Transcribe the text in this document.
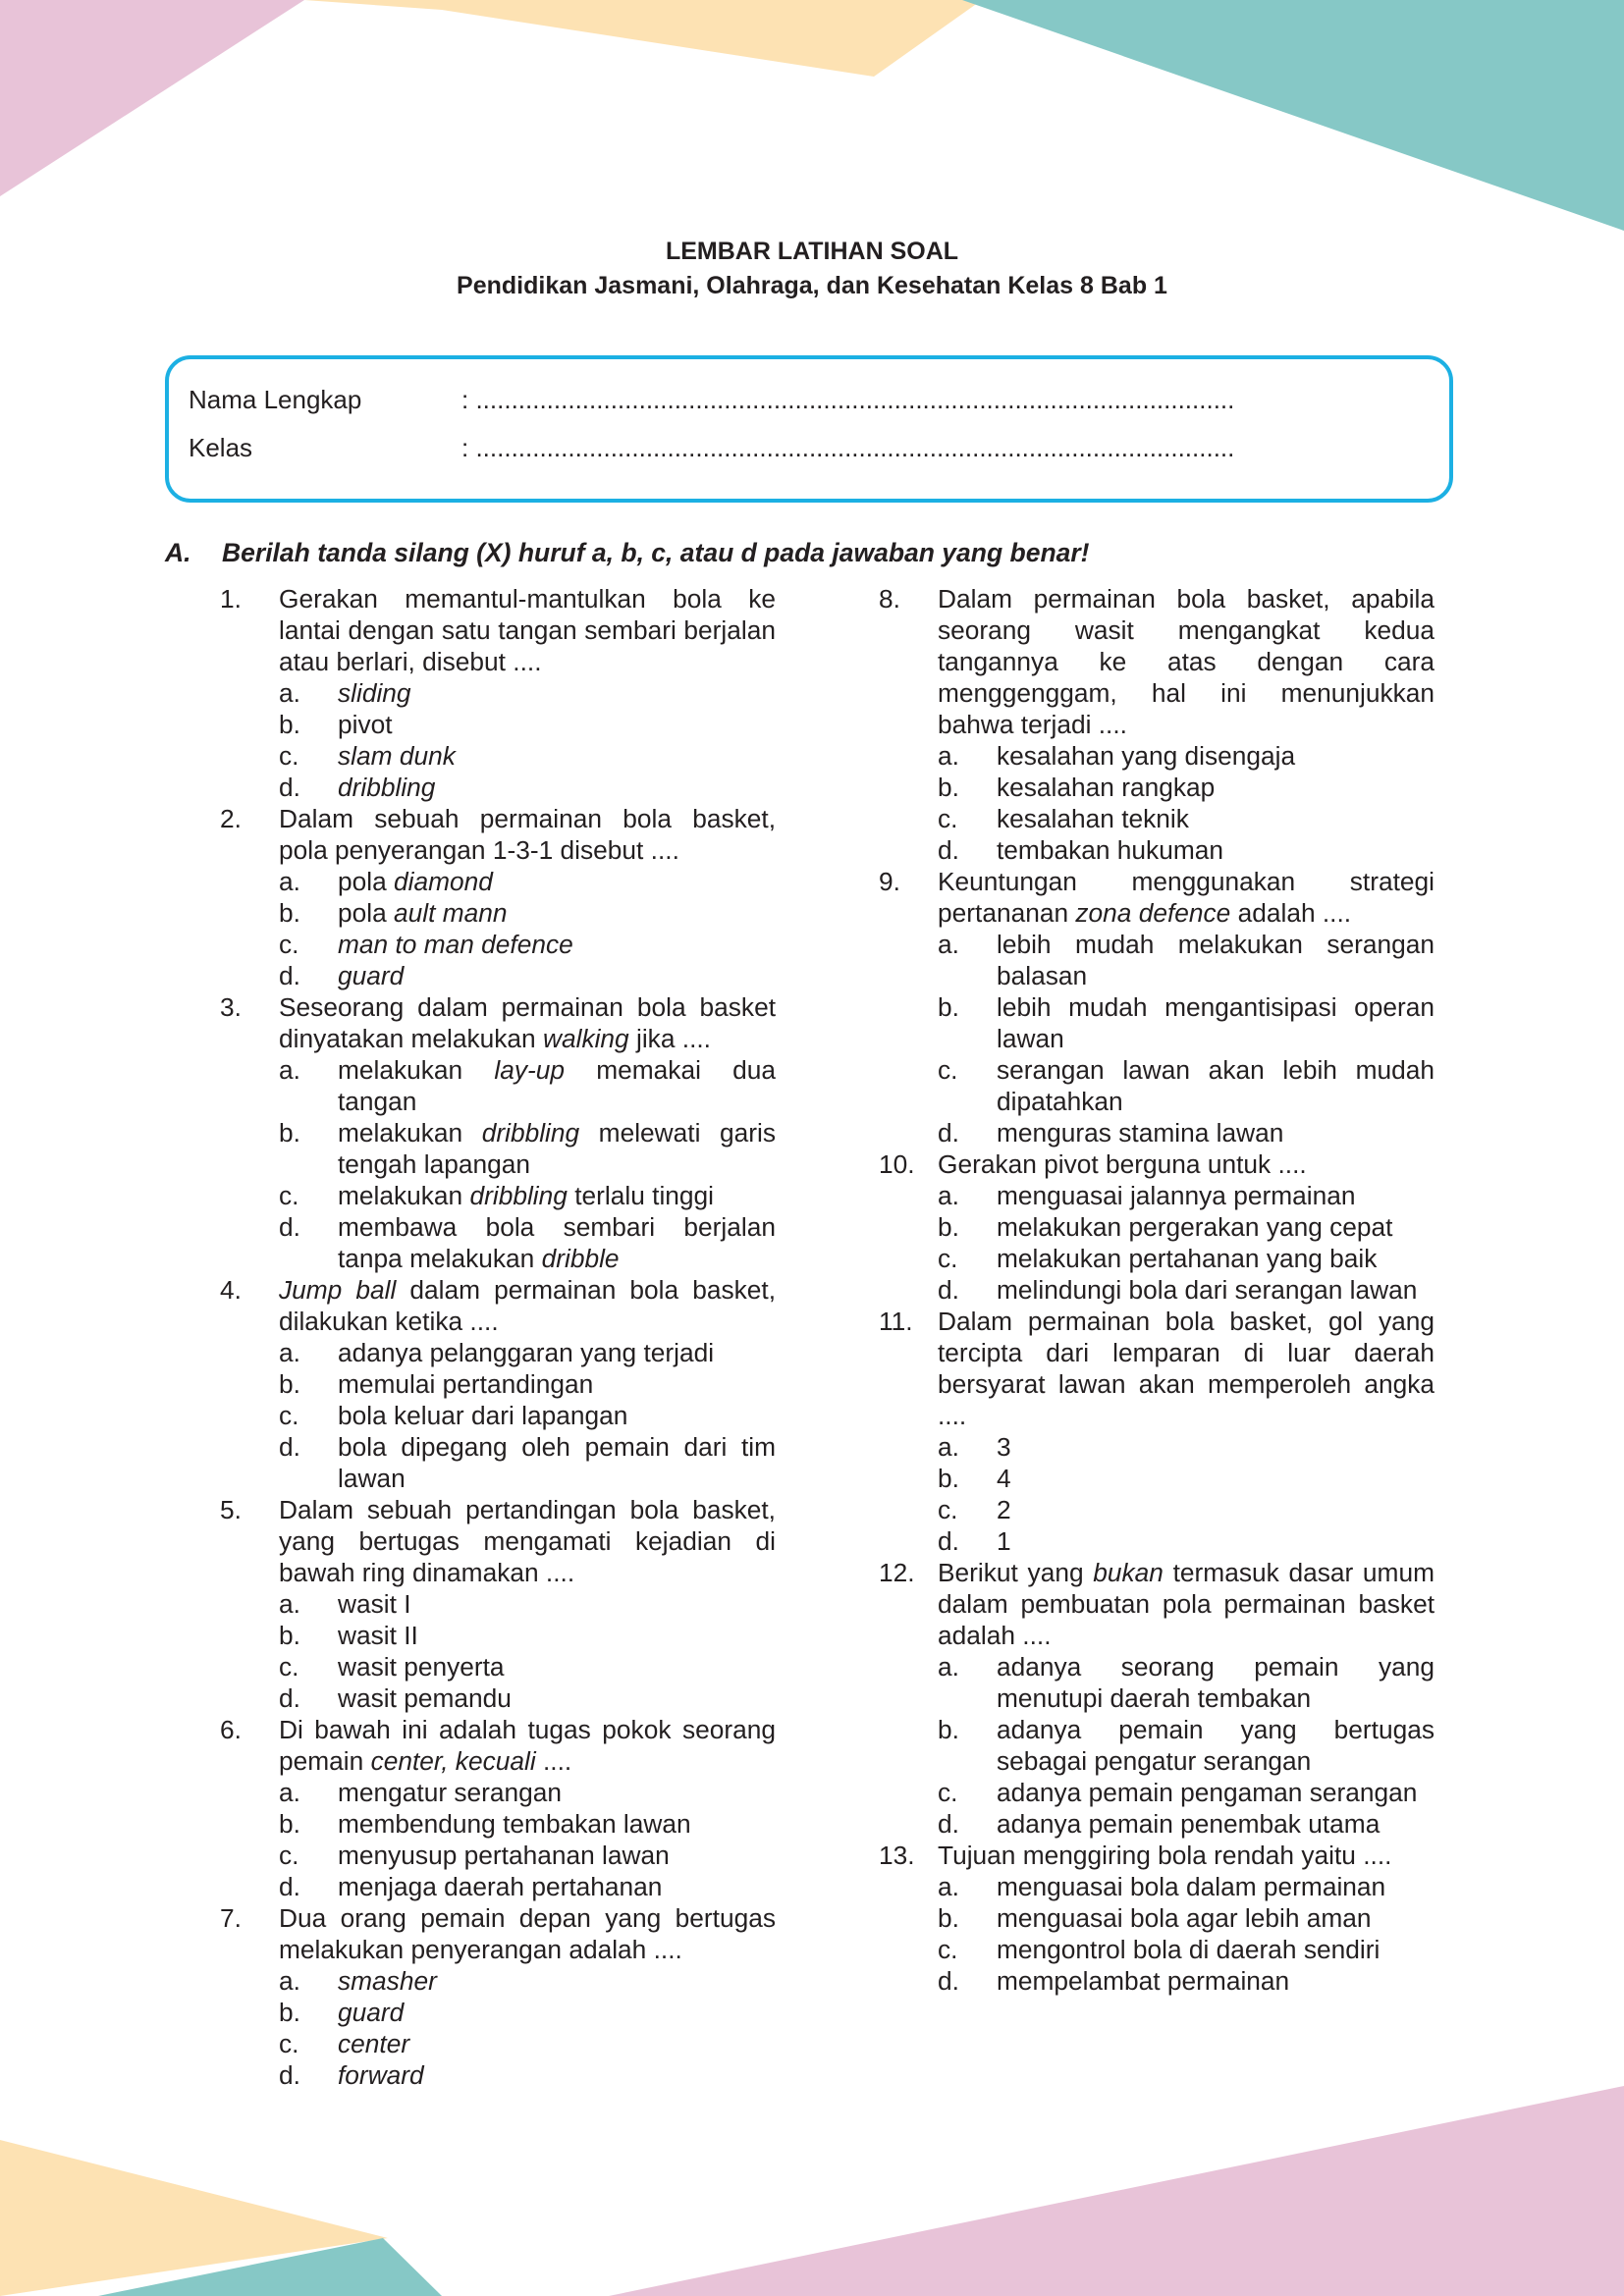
LEMBAR LATIHAN SOAL
Pendidikan Jasmani, Olahraga, dan Kesehatan Kelas 8 Bab 1
Nama Lengkap	: ...........................................................................................................
Kelas	: ...........................................................................................................
A. Berilah tanda silang (X) huruf a, b, c, atau d pada jawaban yang benar!
1. Gerakan memantul-mantulkan bola ke lantai dengan satu tangan sembari berjalan atau berlari, disebut ....
a. sliding
b. pivot
c. slam dunk
d. dribbling
2. Dalam sebuah permainan bola basket, pola penyerangan 1-3-1 disebut ....
a. pola diamond
b. pola ault mann
c. man to man defence
d. guard
3. Seseorang dalam permainan bola basket dinyatakan melakukan walking jika ....
a. melakukan lay-up memakai dua tangan
b. melakukan dribbling melewati garis tengah lapangan
c. melakukan dribbling terlalu tinggi
d. membawa bola sembari berjalan tanpa melakukan dribble
4. Jump ball dalam permainan bola basket, dilakukan ketika ....
a. adanya pelanggaran yang terjadi
b. memulai pertandingan
c. bola keluar dari lapangan
d. bola dipegang oleh pemain dari tim lawan
5. Dalam sebuah pertandingan bola basket, yang bertugas mengamati kejadian di bawah ring dinamakan ....
a. wasit I
b. wasit II
c. wasit penyerta
d. wasit pemandu
6. Di bawah ini adalah tugas pokok seorang pemain center, kecuali ....
a. mengatur serangan
b. membendung tembakan lawan
c. menyusup pertahanan lawan
d. menjaga daerah pertahanan
7. Dua orang pemain depan yang bertugas melakukan penyerangan adalah ....
a. smasher
b. guard
c. center
d. forward
8. Dalam permainan bola basket, apabila seorang wasit mengangkat kedua tangannya ke atas dengan cara menggenggam, hal ini menunjukkan bahwa terjadi ....
a. kesalahan yang disengaja
b. kesalahan rangkap
c. kesalahan teknik
d. tembakan hukuman
9. Keuntungan menggunakan strategi pertananan zona defence adalah ....
a. lebih mudah melakukan serangan balasan
b. lebih mudah mengantisipasi operan lawan
c. serangan lawan akan lebih mudah dipatahkan
d. menguras stamina lawan
10. Gerakan pivot berguna untuk ....
a. menguasai jalannya permainan
b. melakukan pergerakan yang cepat
c. melakukan pertahanan yang baik
d. melindungi bola dari serangan lawan
11. Dalam permainan bola basket, gol yang tercipta dari lemparan di luar daerah bersyarat lawan akan memperoleh angka ....
a. 3
b. 4
c. 2
d. 1
12. Berikut yang bukan termasuk dasar umum dalam pembuatan pola permainan basket adalah ....
a. adanya seorang pemain yang menutupi daerah tembakan
b. adanya pemain yang bertugas sebagai pengatur serangan
c. adanya pemain pengaman serangan
d. adanya pemain penembak utama
13. Tujuan menggiring bola rendah yaitu ....
a. menguasai bola dalam permainan
b. menguasai bola agar lebih aman
c. mengontrol bola di daerah sendiri
d. mempelambat permainan
